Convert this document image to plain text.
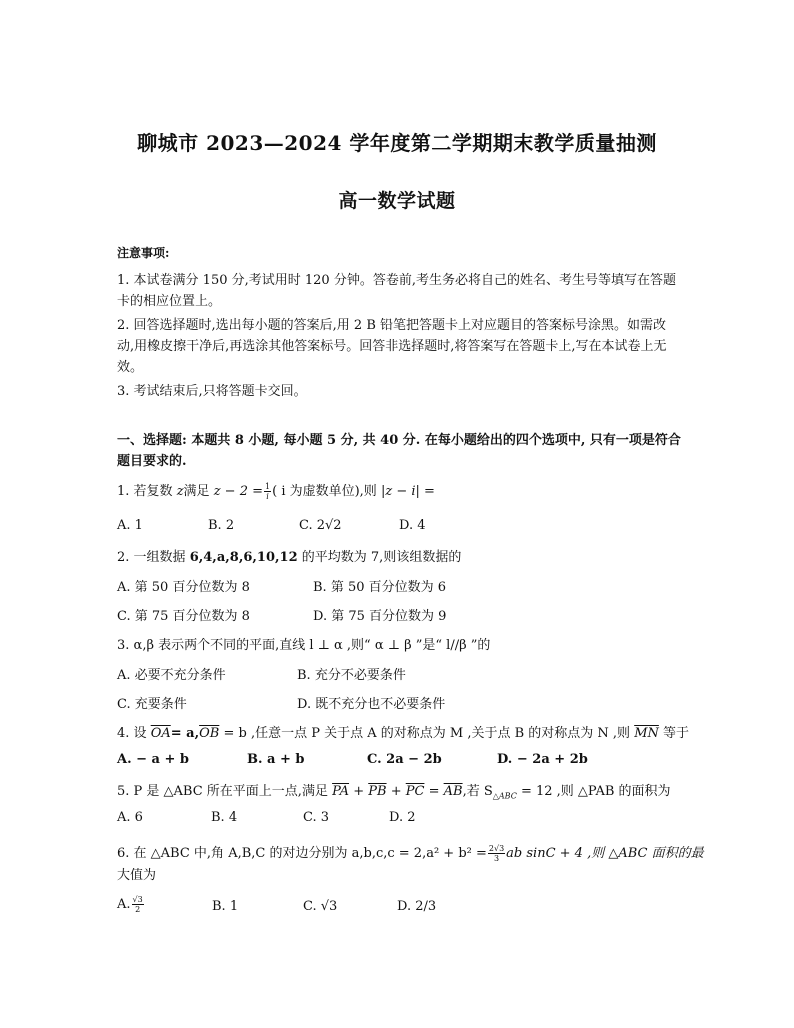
聊城市 2023—2024 学年度第二学期期末教学质量抽测
高一数学试题
注意事项:
1. 本试卷满分 150 分,考试用时 120 分钟。答卷前,考生务必将自己的姓名、考生号等填写在答题卡的相应位置上。
2. 回答选择题时,选出每小题的答案后,用 2 B 铅笔把答题卡上对应题目的答案标号涂黑。如需改动,用橡皮擦干净后,再选涂其他答案标号。回答非选择题时,将答案写在答题卡上,写在本试卷上无效。
3. 考试结束后,只将答题卡交回。
一、选择题: 本题共 8 小题, 每小题 5 分, 共 40 分. 在每小题给出的四个选项中, 只有一项是符合题目要求的.
1. 若复数 z满足 $z - 2 = \frac{1}{i}$ ( i 为虚数单位),则 |z − i| =
A. 1	B. 2	C. 2√2	D. 4
2. 一组数据 6,4,a,8,6,10,12 的平均数为 7,则该组数据的
A. 第 50 百分位数为 8	B. 第 50 百分位数为 6
C. 第 75 百分位数为 8	D. 第 75 百分位数为 9
3. α,β 表示两个不同的平面,直线 l ⊥ α ,则“ α ⊥ β ”是“ l//β ”的
A. 必要不充分条件	B. 充分不必要条件
C. 充要条件	D. 既不充分也不必要条件
4. 设 $\overline{OA}= a,\overline{OB} = b$ ,任意一点 P 关于点 A 的对称点为 M ,关于点 B 的对称点为 N ,则 $\overline{MN}$ 等于
A. − a + b	B. a + b	C. 2a − 2b	D. − 2a + 2b
5. P 是 △ABC 所在平面上一点,满足 $\overline{PA} + \overline{PB} + \overline{PC} = \overline{AB}$,若 $S_{\triangle ABC} = 12$ ,则 △PAB 的面积为
A. 6	B. 4	C. 3	D. 2
6. 在 △ABC 中,角 A,B,C 的对边分别为 $a,b,c,c = 2,a^2 + b^2 = \frac{2√3}{3}$ ab sinC + 4 ,则 △ABC 面积的最
大值为
A. $\frac{√3}{2}$	B. 1	C. √3	D. 2/3
